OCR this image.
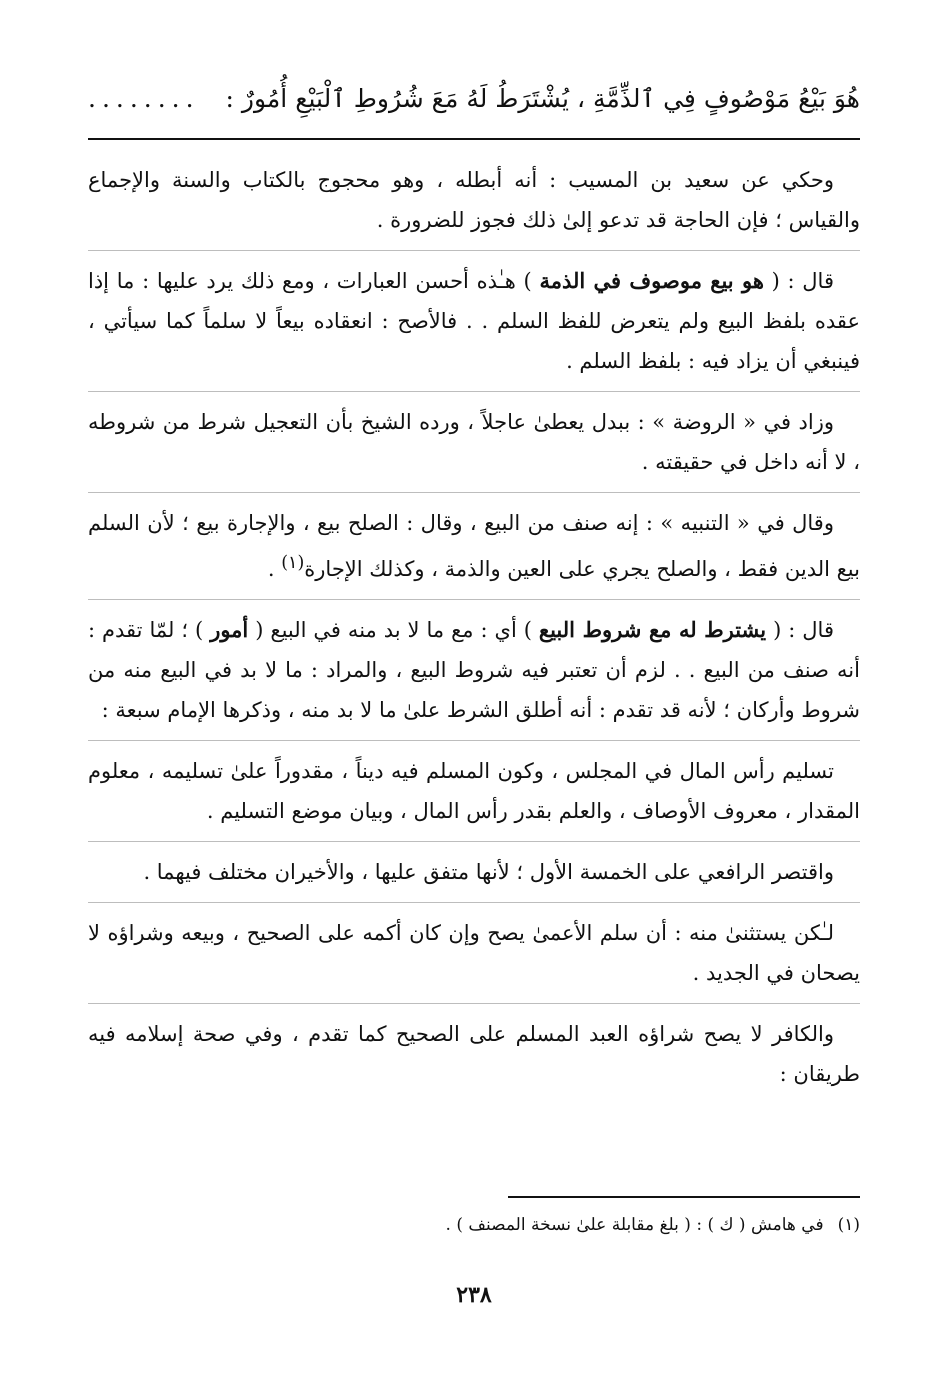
هُوَ بَيْعُ مَوْصُوفٍ فِي ٱلذِّمَّةِ ، يُشْتَرَطُ لَهُ مَعَ شُرُوطِ ٱلْبَيْعِ أُمُورٌ :
........

وحكي عن سعيد بن المسيب : أنه أبطله ، وهو محجوج بالكتاب والسنة والإجماع والقياس ؛ فإن الحاجة قد تدعو إلىٰ ذلك فجوز للضرورة .

قال : ( هو بيع موصوف في الذمة ) هـٰذه أحسن العبارات ، ومع ذلك يرد عليها : ما إذا عقده بلفظ البيع ولم يتعرض للفظ السلم . . فالأصح : انعقاده بيعاً لا سلماً كما سيأتي ، فينبغي أن يزاد فيه : بلفظ السلم .

وزاد في « الروضة » : ببدل يعطىٰ عاجلاً ، ورده الشيخ بأن التعجيل شرط من شروطه ، لا أنه داخل في حقيقته .

وقال في « التنبيه » : إنه صنف من البيع ، وقال : الصلح بيع ، والإجارة بيع ؛ لأن السلم بيع الدين فقط ، والصلح يجري على العين والذمة ، وكذلك الإجارة$^{(١)}$ .

قال : ( يشترط له مع شروط البيع ) أي : مع ما لا بد منه في البيع ( أمور ) ؛ لمّا تقدم : أنه صنف من البيع . . لزم أن تعتبر فيه شروط البيع ، والمراد : ما لا بد في البيع منه من شروط وأركان ؛ لأنه قد تقدم : أنه أطلق الشرط علىٰ ما لا بد منه ، وذكرها الإمام سبعة :

تسليم رأس المال في المجلس ، وكون المسلم فيه ديناً ، مقدوراً علىٰ تسليمه ، معلوم المقدار ، معروف الأوصاف ، والعلم بقدر رأس المال ، وبيان موضع التسليم .

واقتصر الرافعي على الخمسة الأول ؛ لأنها متفق عليها ، والأخيران مختلف فيهما .

لـٰكن يستثنىٰ منه : أن سلم الأعمىٰ يصح وإن كان أكمه على الصحيح ، وبيعه وشراؤه لا يصحان في الجديد .

والكافر لا يصح شراؤه العبد المسلم على الصحيح كما تقدم ، وفي صحة إسلامه فيه طريقان :

(١)في هامش ( ك ) : ( بلغ مقابلة علىٰ نسخة المصنف ) .
٢٣٨
